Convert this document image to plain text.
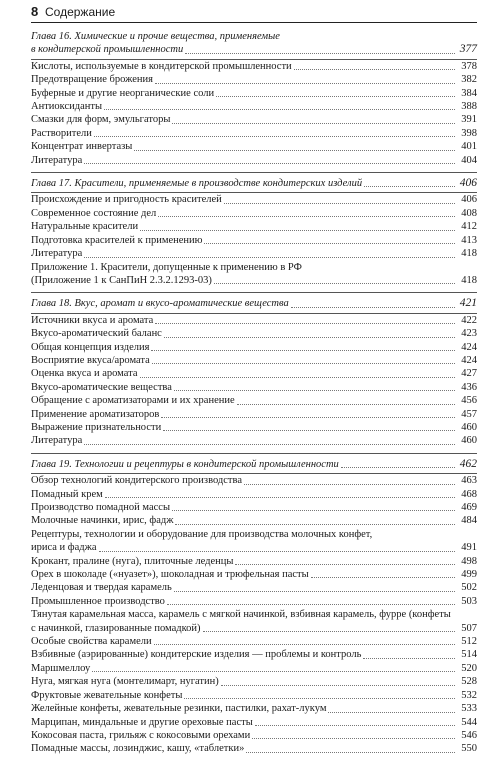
8 Содержание
Глава 16. Химические и прочие вещества, применяемые
в кондитерской промышленности	377
Кислоты, используемые в кондитерской промышленности	378
Предотвращение брожения	382
Буферные и другие неорганические соли	384
Антиоксиданты	388
Смазки для форм, эмульгаторы	391
Растворители	398
Концентрат инвертазы	401
Литература	404
Глава 17. Красители, применяемые в производстве кондитерских изделий	406
Происхождение и пригодность красителей	406
Современное состояние дел	408
Натуральные красители	412
Подготовка красителей к применению	413
Литература	418
Приложение 1. Красители, допущенные к применению в РФ
(Приложение 1 к СанПиН 2.3.2.1293-03)	418
Глава 18. Вкус, аромат и вкусо-ароматические вещества	421
Источники вкуса и аромата	422
Вкусо-ароматический баланс	423
Общая концепция изделия	424
Восприятие вкуса/аромата	424
Оценка вкуса и аромата	427
Вкусо-ароматические вещества	436
Обращение с ароматизаторами и их хранение	456
Применение ароматизаторов	457
Выражение признательности	460
Литература	460
Глава 19. Технологии и рецептуры в кондитерской промышленности	462
Обзор технологий кондитерского производства	463
Помадный крем	468
Производство помадной массы	469
Молочные начинки, ирис, фадж	484
Рецептуры, технологии и оборудование для производства молочных конфет,
ириса и фаджа	491
Крокант, пралине (нуга), плиточные леденцы	498
Орех в шоколаде («нуазет»), шоколадная и трюфельная пасты	499
Леденцовая и твердая карамель	502
Промышленное производство	503
Тянутая карамельная масса, карамель с мягкой начинкой, взбивная карамель, фурре (конфеты
с начинкой, глазированные помадкой)	507
Особые свойства карамели	512
Взбивные (аэрированные) кондитерские изделия — проблемы и контроль	514
Маршмеллоу	520
Нуга, мягкая нуга (монтелимарт, нугатин)	528
Фруктовые жевательные конфеты	532
Желейные конфеты, жевательные резинки, пастилки, рахат-лукум	533
Марципан, миндальные и другие ореховые пасты	544
Кокосовая паста, грильяж с кокосовыми орехами	546
Помадные массы, лозинджис, кашу, «таблетки»	550
